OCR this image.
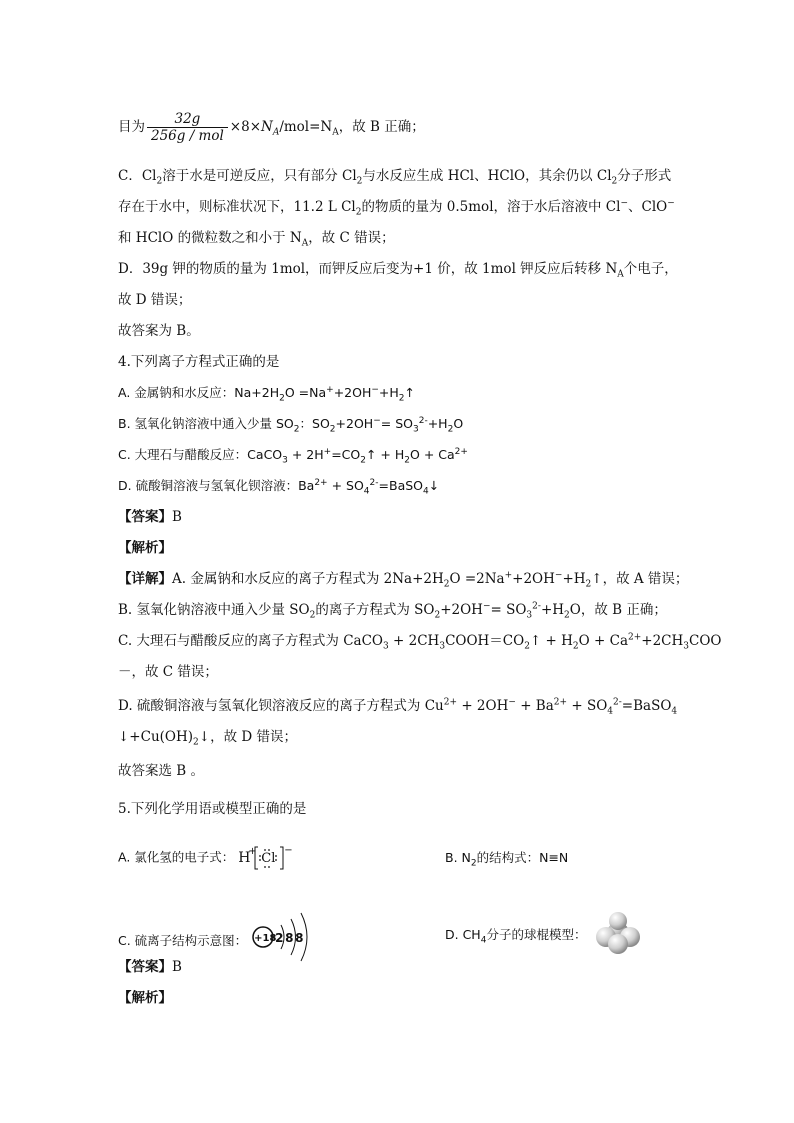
目为 $\frac{32g}{\text{256g / mol}} \times 8\times N_A/mol=N_A$，故 B 正确；
C．$Cl_2$溶于水是可逆反应，只有部分 $Cl_2$与水反应生成 HCl、HClO，其余仍以 $Cl_2$分子形式
存在于水中，则标准状况下，11.2 L $Cl_2$的物质的量为 0.5mol，溶于水后溶液中 Cl−、ClO−
和 HClO 的微粒数之和小于 $N_A$，故 C 错误；
D．39g 钾的物质的量为 1mol，而钾反应后变为+1 价，故 1mol 钾反应后转移 $N_A$个电子，
故 D 错误；
故答案为 B。
4.下列离子方程式正确的是
A. 金属钠和水反应：$Na+2H_2O$ $=Na^++2OH^-+H_2↑$
B. 氢氧化钠溶液中通入少量 $SO_2$：$SO_2+2OH^-= SO_3^{2-}+H_2O$
C. 大理石与醋酸反应：CaCO$_3$ + $2H^+=CO_2↑ + H_2O + Ca^{2+}$
D. 硫酸铜溶液与氢氧化钡溶液：$Ba^{2+}$ + $SO_4^{2-}=BaSO_4↓$
【答案】B
【解析】
【详解】A. 金属钠和水反应的离子方程式为 $2Na+2H_2O$ $=2Na^++2OH^-+H_2↑$，故 A 错误；
B. 氢氧化钠溶液中通入少量 $SO_2$的离子方程式为 $SO_2+2OH^-= SO_3^{2-}+H_2O$，故 B 正确；
C. 大理石与醋酸反应的离子方程式为 CaCO$_3$ + $2CH_3COOH=CO_2↑ + H_2O + Ca^{2+}+2CH_3COO$
－，故 C 错误；
D. 硫酸铜溶液与氢氧化钡溶液反应的离子方程式为 $Cu^{2+} + 2OH^- + Ba^{2+}$ + $SO_4^{2-}=BaSO_4$
$↓+Cu(OH)_2↓$，故 D 错误；
故答案选 B 。
5.下列化学用语或模型正确的是
A. 氯化氢的电子式： H
+ Cl
−	B. $N_2$的结构式：N≡N
C. 硫离子结构示意图： +18
2 8 8	D. $CH_4$分子的球棍模型：
【答案】B
【解析】
